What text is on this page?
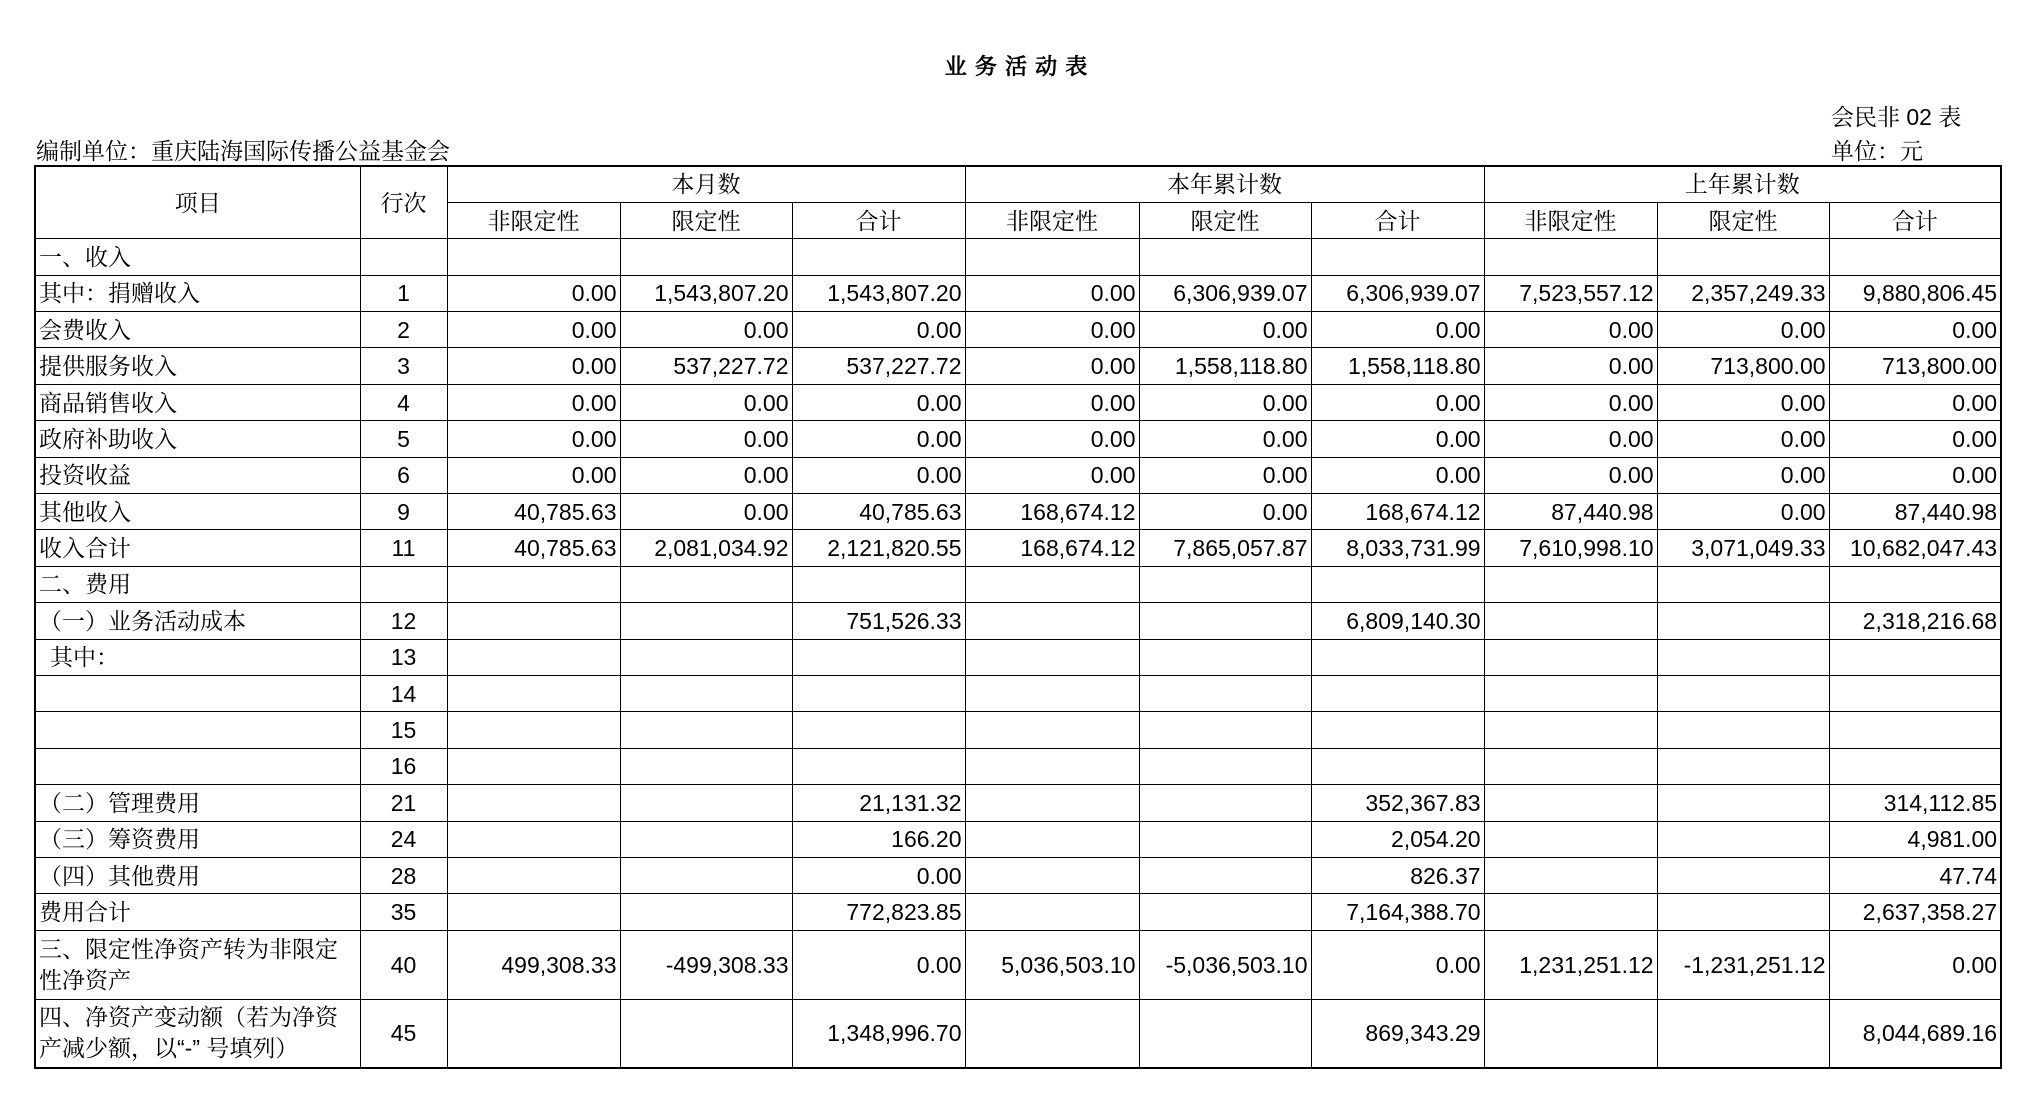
业 务 活 动 表
会民非 02 表
编制单位：重庆陆海国际传播公益基金会	单位：元
项目	行次	本月数			本年累计数			上年累计数		
		非限定性	限定性	合计	非限定性	限定性	合计	非限定性	限定性	合计
一、收入										
其中：捐赠收入	1	0.00	1,543,807.20	1,543,807.20	0.00	6,306,939.07	6,306,939.07	7,523,557.12	2,357,249.33	9,880,806.45
会费收入	2	0.00	0.00	0.00	0.00	0.00	0.00	0.00	0.00	0.00
提供服务收入	3	0.00	537,227.72	537,227.72	0.00	1,558,118.80	1,558,118.80	0.00	713,800.00	713,800.00
商品销售收入	4	0.00	0.00	0.00	0.00	0.00	0.00	0.00	0.00	0.00
政府补助收入	5	0.00	0.00	0.00	0.00	0.00	0.00	0.00	0.00	0.00
投资收益	6	0.00	0.00	0.00	0.00	0.00	0.00	0.00	0.00	0.00
其他收入	9	40,785.63	0.00	40,785.63	168,674.12	0.00	168,674.12	87,440.98	0.00	87,440.98
收入合计	11	40,785.63	2,081,034.92	2,121,820.55	168,674.12	7,865,057.87	8,033,731.99	7,610,998.10	3,071,049.33	10,682,047.43
二、费用										
（一）业务活动成本	12			751,526.33			6,809,140.30			2,318,216.68
其中：	13									
	14									
	15									
	16									
（二）管理费用	21			21,131.32			352,367.83			314,112.85
（三）筹资费用	24			166.20			2,054.20			4,981.00
（四）其他费用	28			0.00			826.37			47.74
费用合计	35			772,823.85			7,164,388.70			2,637,358.27
三、限定性净资产转为非限定性净资产	40	499,308.33	-499,308.33	0.00	5,036,503.10	-5,036,503.10	0.00	1,231,251.12	-1,231,251.12	0.00
四、净资产变动额（若为净资产减少额，以“-” 号填列）	45			1,348,996.70			869,343.29			8,044,689.16
